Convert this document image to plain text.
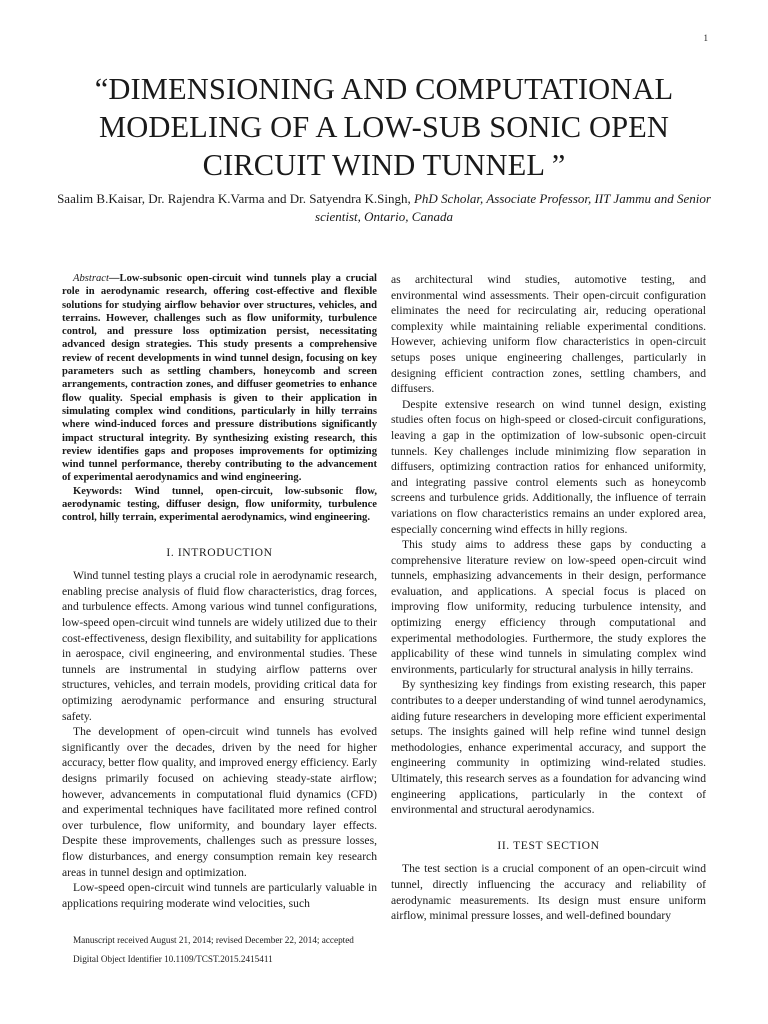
1
“DIMENSIONING AND COMPUTATIONAL MODELING OF A LOW-SUB SONIC OPEN CIRCUIT WIND TUNNEL ”
Saalim B.Kaisar, Dr. Rajendra K.Varma and Dr. Satyendra K.Singh, PhD Scholar, Associate Professor, IIT Jammu and Senior scientist, Ontario, Canada

Abstract—Low-subsonic open-circuit wind tunnels play a crucial role in aerodynamic research, offering cost-effective and flexible solutions for studying airflow behavior over structures, vehicles, and terrains. However, challenges such as flow uniformity, turbulence control, and pressure loss optimization persist, necessitating advanced design strategies. This study presents a comprehensive review of recent developments in wind tunnel design, focusing on key parameters such as settling chambers, honeycomb and screen arrangements, contraction zones, and diffuser geometries to enhance flow quality. Special emphasis is given to their application in simulating complex wind conditions, particularly in hilly terrains where wind-induced forces and pressure distributions significantly impact structural integrity. By synthesizing existing research, this review identifies gaps and proposes improvements for optimizing wind tunnel performance, thereby contributing to the advancement of experimental aerodynamics and wind engineering.

Keywords: Wind tunnel, open-circuit, low-subsonic flow, aerodynamic testing, diffuser design, flow uniformity, turbulence control, hilly terrain, experimental aerodynamics, wind engineering.

I. INTRODUCTION

Wind tunnel testing plays a crucial role in aerodynamic research, enabling precise analysis of fluid flow characteristics, drag forces, and turbulence effects. Among various wind tunnel configurations, low-speed open-circuit wind tunnels are widely utilized due to their cost-effectiveness, design flexibility, and suitability for applications in aerospace, civil engineering, and environmental studies. These tunnels are instrumental in studying airflow patterns over structures, vehicles, and terrain models, providing critical data for optimizing aerodynamic performance and ensuring structural safety.

The development of open-circuit wind tunnels has evolved significantly over the decades, driven by the need for higher accuracy, better flow quality, and improved energy efficiency. Early designs primarily focused on achieving steady-state airflow; however, advancements in computational fluid dynamics (CFD) and experimental techniques have facilitated more refined control over turbulence, flow uniformity, and boundary layer effects. Despite these improvements, challenges such as pressure losses, flow disturbances, and energy consumption remain key research areas in tunnel design and optimization.

Low-speed open-circuit wind tunnels are particularly valuable in applications requiring moderate wind velocities, such

as architectural wind studies, automotive testing, and environmental wind assessments. Their open-circuit configuration eliminates the need for recirculating air, reducing operational complexity while maintaining reliable experimental conditions. However, achieving uniform flow characteristics in open-circuit setups poses unique engineering challenges, particularly in designing efficient contraction zones, settling chambers, and diffusers.

Despite extensive research on wind tunnel design, existing studies often focus on high-speed or closed-circuit configurations, leaving a gap in the optimization of low-subsonic open-circuit tunnels. Key challenges include minimizing flow separation in diffusers, optimizing contraction ratios for enhanced uniformity, and integrating passive control elements such as honeycomb screens and turbulence grids. Additionally, the influence of terrain variations on flow characteristics remains an under explored area, especially concerning wind effects in hilly regions.

This study aims to address these gaps by conducting a comprehensive literature review on low-speed open-circuit wind tunnels, emphasizing advancements in their design, performance evaluation, and applications. A special focus is placed on improving flow uniformity, reducing turbulence intensity, and optimizing energy efficiency through computational and experimental methodologies. Furthermore, the study explores the applicability of these wind tunnels in simulating complex wind environments, particularly for structural analysis in hilly terrains.

By synthesizing key findings from existing research, this paper contributes to a deeper understanding of wind tunnel aerodynamics, aiding future researchers in developing more efficient experimental setups. The insights gained will help refine wind tunnel design methodologies, enhance experimental accuracy, and support the engineering community in optimizing wind-related studies. Ultimately, this research serves as a foundation for advancing wind engineering applications, particularly in the context of environmental and structural aerodynamics.

II. TEST SECTION

The test section is a crucial component of an open-circuit wind tunnel, directly influencing the accuracy and reliability of aerodynamic measurements. Its design must ensure uniform airflow, minimal pressure losses, and well-defined boundary

Manuscript received August 21, 2014; revised December 22, 2014; accepted
Digital Object Identifier 10.1109/TCST.2015.2415411
